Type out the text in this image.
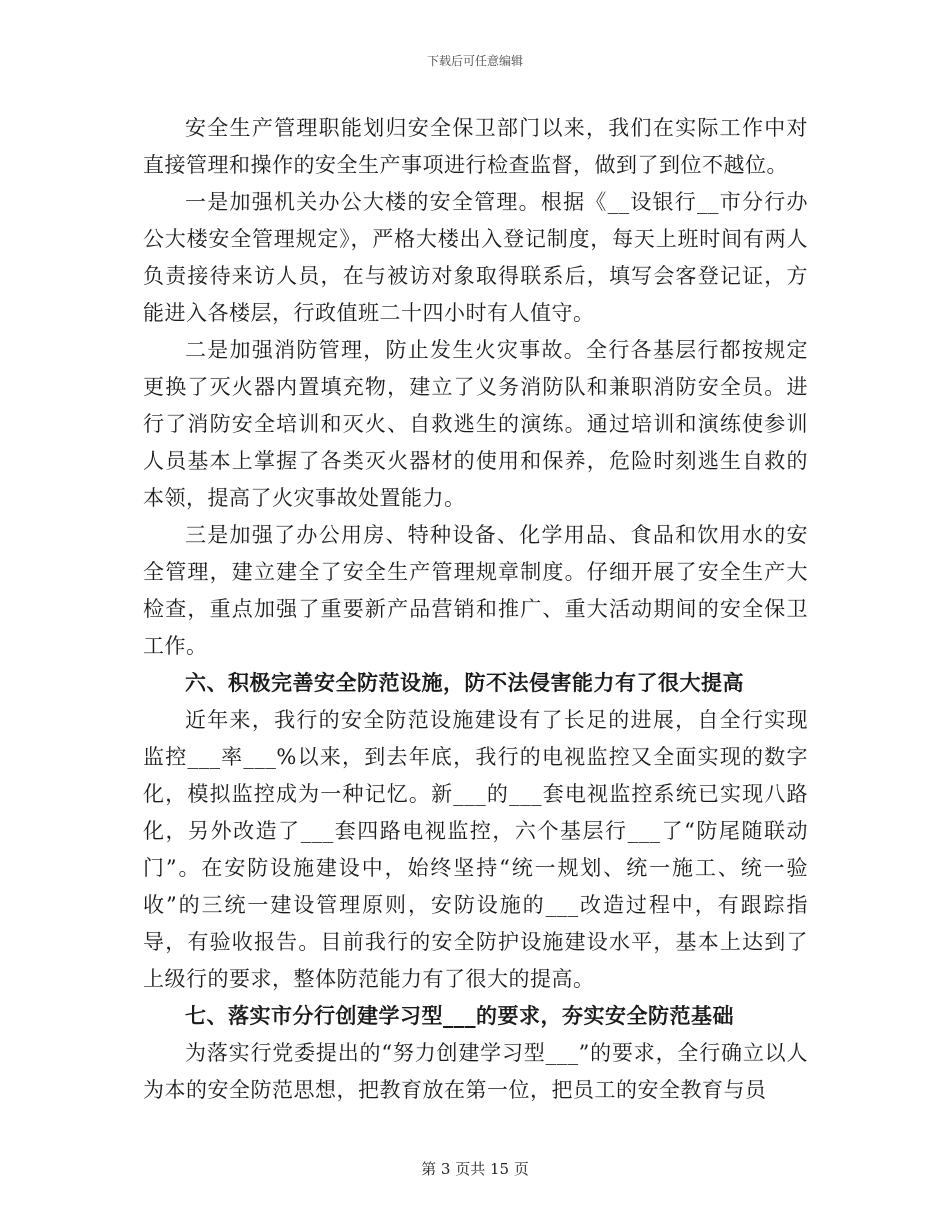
下载后可任意编辑

安全生产管理职能划归安全保卫部门以来，我们在实际工作中对直接管理和操作的安全生产事项进行检查监督，做到了到位不越位。

一是加强机关办公大楼的安全管理。根据《__设银行__市分行办公大楼安全管理规定》，严格大楼出入登记制度，每天上班时间有两人负责接待来访人员，在与被访对象取得联系后，填写会客登记证，方能进入各楼层，行政值班二十四小时有人值守。

二是加强消防管理，防止发生火灾事故。全行各基层行都按规定更换了灭火器内置填充物，建立了义务消防队和兼职消防安全员。进行了消防安全培训和灭火、自救逃生的演练。通过培训和演练使参训人员基本上掌握了各类灭火器材的使用和保养，危险时刻逃生自救的本领，提高了火灾事故处置能力。

三是加强了办公用房、特种设备、化学用品、食品和饮用水的安全管理，建立建全了安全生产管理规章制度。仔细开展了安全生产大检查，重点加强了重要新产品营销和推广、重大活动期间的安全保卫工作。

六、积极完善安全防范设施，防不法侵害能力有了很大提高

近年来，我行的安全防范设施建设有了长足的进展，自全行实现监控___率___%以来，到去年底，我行的电视监控又全面实现的数字化，模拟监控成为一种记忆。新___的___套电视监控系统已实现八路化，另外改造了___套四路电视监控，六个基层行___了“防尾随联动门”。在安防设施建设中，始终坚持“统一规划、统一施工、统一验收”的三统一建设管理原则，安防设施的___改造过程中，有跟踪指导，有验收报告。目前我行的安全防护设施建设水平，基本上达到了上级行的要求，整体防范能力有了很大的提高。

七、落实市分行创建学习型___的要求，夯实安全防范基础

为落实行党委提出的“努力创建学习型___”的要求，全行确立以人为本的安全防范思想，把教育放在第一位，把员工的安全教育与员

第 3 页共 15 页
